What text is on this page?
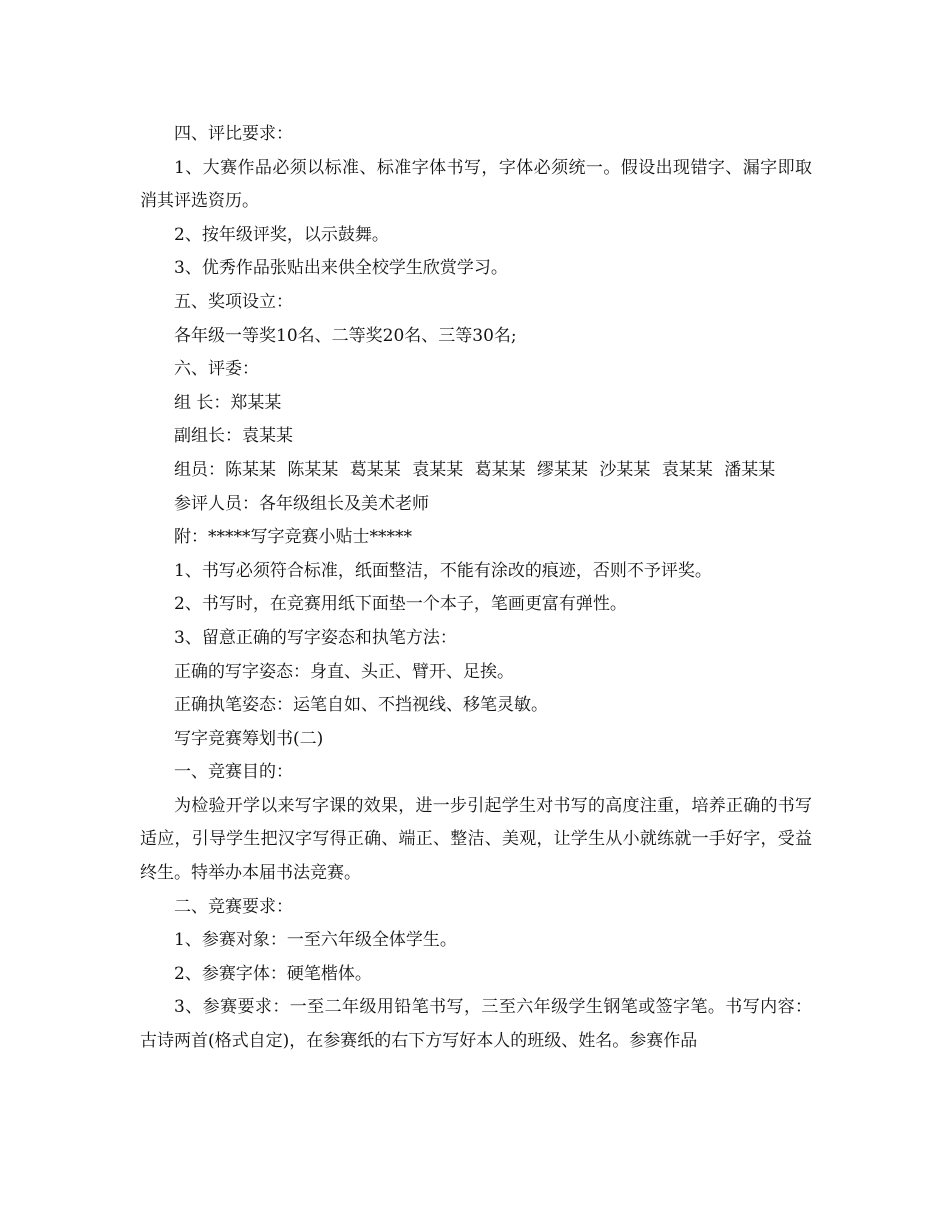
四、评比要求：

1、大赛作品必须以标准、标准字体书写，字体必须统一。假设出现错字、漏字即取消其评选资历。

2、按年级评奖，以示鼓舞。

3、优秀作品张贴出来供全校学生欣赏学习。

五、奖项设立：

各年级一等奖10名、二等奖20名、三等30名;

六、评委：

组 长：郑某某

副组长：袁某某

组员：陈某某 陈某某 葛某某 袁某某 葛某某 缪某某 沙某某 袁某某 潘某某

参评人员：各年级组长及美术老师

附：*****写字竞赛小贴士*****

1、书写必须符合标准，纸面整洁，不能有涂改的痕迹，否则不予评奖。

2、书写时，在竞赛用纸下面垫一个本子，笔画更富有弹性。

3、留意正确的写字姿态和执笔方法：

正确的写字姿态：身直、头正、臂开、足挨。

正确执笔姿态：运笔自如、不挡视线、移笔灵敏。

写字竞赛筹划书(二)

一、竞赛目的：

为检验开学以来写字课的效果，进一步引起学生对书写的高度注重，培养正确的书写适应，引导学生把汉字写得正确、端正、整洁、美观，让学生从小就练就一手好字，受益终生。特举办本届书法竞赛。

二、竞赛要求：

1、参赛对象：一至六年级全体学生。

2、参赛字体：硬笔楷体。

3、参赛要求：一至二年级用铅笔书写，三至六年级学生钢笔或签字笔。书写内容：古诗两首(格式自定)，在参赛纸的右下方写好本人的班级、姓名。参赛作品
